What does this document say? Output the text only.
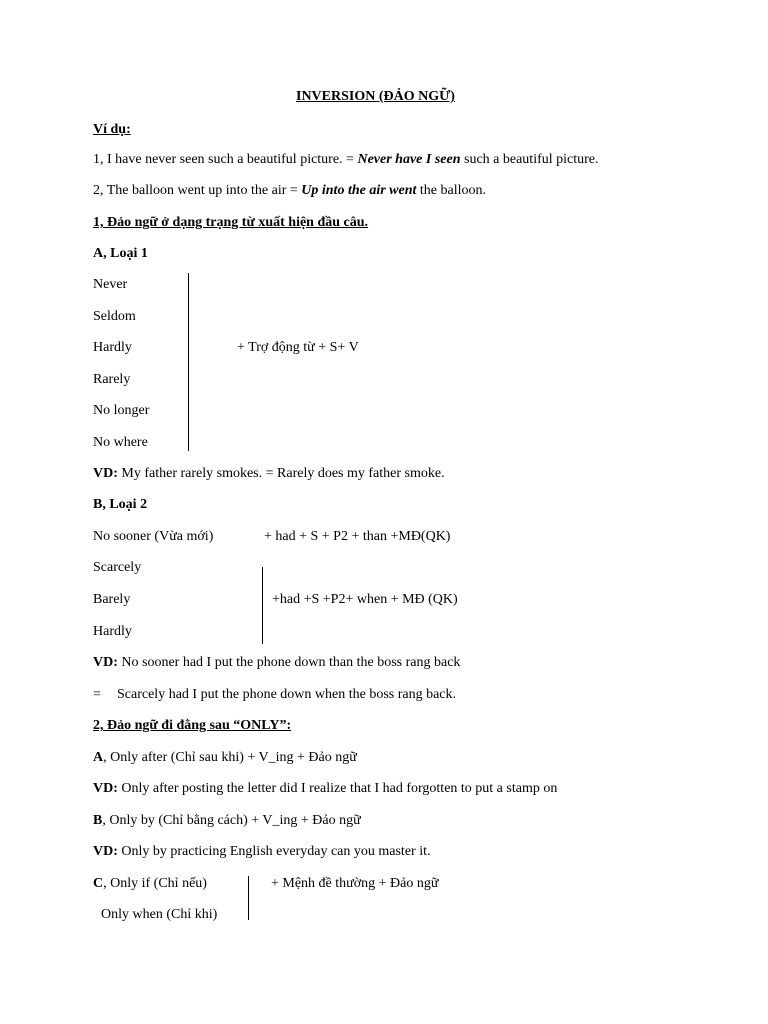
INVERSION (ĐẢO NGỮ)
Ví dụ:
1, I have never seen such a beautiful picture. = Never have I seen such a beautiful picture.
2, The balloon went up into the air = Up into the air went the balloon.
1, Đảo ngữ ở dạng trạng từ xuất hiện đầu câu.
A, Loại 1
Never
Seldom
Hardly
Rarely
No longer
No where
+ Trợ động từ + S+ V
VD: My father rarely smokes. = Rarely does my father smoke.
B, Loại 2
No sooner (Vừa mới)	+ had + S + P2 + than +MĐ(QK)
Scarcely
Barely
Hardly
+had +S +P2+ when + MĐ (QK)
VD: No sooner had I put the phone down than the boss rang back
= Scarcely had I put the phone down when the boss rang back.
2, Đảo ngữ đi đằng sau “ONLY”:
A, Only after (Chỉ sau khi) + V_ing + Đảo ngữ
VD: Only after posting the letter did I realize that I had forgotten to put a stamp on
B, Only by (Chỉ bằng cách) + V_ing + Đảo ngữ
VD: Only by practicing English everyday can you master it.
C, Only if (Chỉ nếu)
Only when (Chỉ khi)
+ Mệnh đề thường + Đảo ngữ
